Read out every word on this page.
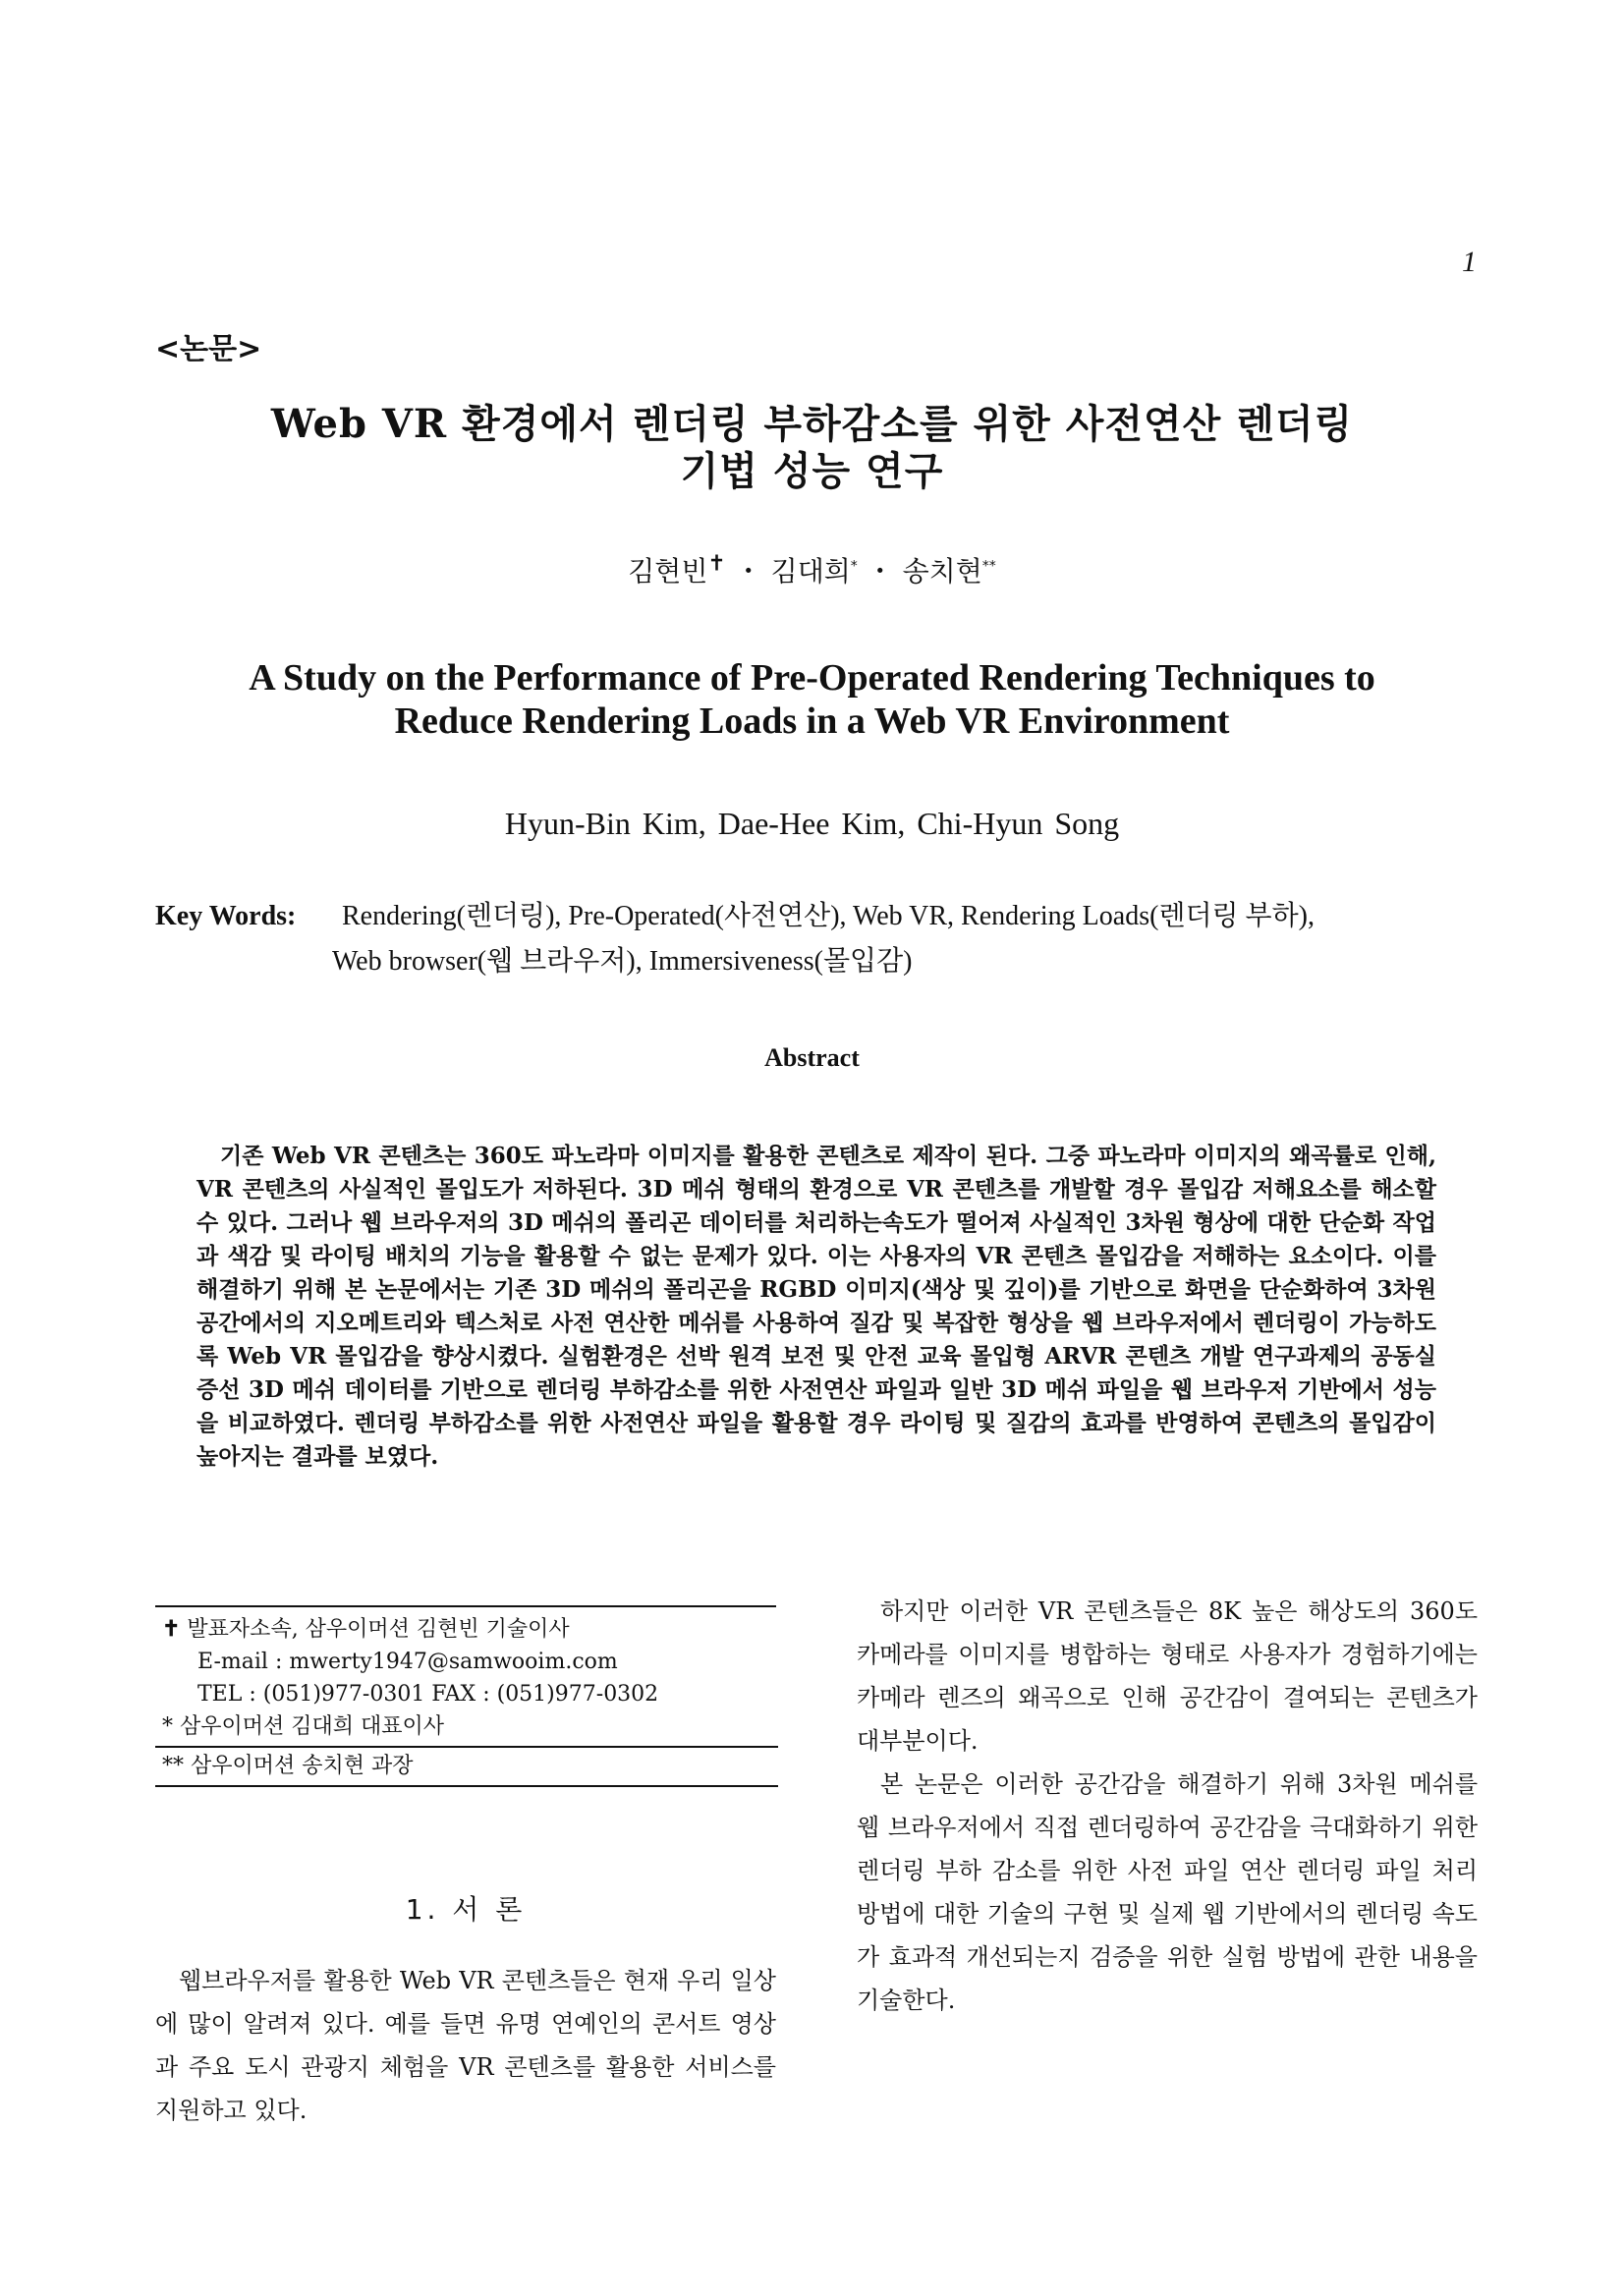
1
<논문>
Web VR 환경에서 렌더링 부하감소를 위한 사전연산 렌더링
기법 성능 연구
김현빈✝ ・ 김대희* ・ 송치현**
A Study on the Performance of Pre-Operated Rendering Techniques to
Reduce Rendering Loads in a Web VR Environment
Hyun-Bin Kim, Dae-Hee Kim, Chi-Hyun Song
Key Words: Rendering(렌더링), Pre-Operated(사전연산), Web VR, Rendering Loads(렌더링 부하),
Web browser(웹 브라우저), Immersiveness(몰입감)
Abstract
기존 Web VR 콘텐츠는 360도 파노라마 이미지를 활용한 콘텐츠로 제작이 된다. 그중 파노라마 이미지의 왜곡률로 인해, VR 콘텐츠의 사실적인 몰입도가 저하된다. 3D 메쉬 형태의 환경으로 VR 콘텐츠를 개발할 경우 몰입감 저해요소를 해소할 수 있다. 그러나 웹 브라우저의 3D 메쉬의 폴리곤 데이터를 처리하는속도가 떨어져 사실적인 3차원 형상에 대한 단순화 작업과 색감 및 라이팅 배치의 기능을 활용할 수 없는 문제가 있다. 이는 사용자의 VR 콘텐츠 몰입감을 저해하는 요소이다. 이를 해결하기 위해 본 논문에서는 기존 3D 메쉬의 폴리곤을 RGBD 이미지(색상 및 깊이)를 기반으로 화면을 단순화하여 3차원 공간에서의 지오메트리와 텍스처로 사전 연산한 메쉬를 사용하여 질감 및 복잡한 형상을 웹 브라우저에서 렌더링이 가능하도록 Web VR 몰입감을 향상시켰다. 실험환경은 선박 원격 보전 및 안전 교육 몰입형 ARVR 콘텐츠 개발 연구과제의 공동실증선 3D 메쉬 데이터를 기반으로 렌더링 부하감소를 위한 사전연산 파일과 일반 3D 메쉬 파일을 웹 브라우저 기반에서 성능을 비교하였다. 렌더링 부하감소를 위한 사전연산 파일을 활용할 경우 라이팅 및 질감의 효과를 반영하여 콘텐츠의 몰입감이 높아지는 결과를 보였다.
✝ 발표자소속, 삼우이머션 김현빈 기술이사
E-mail : mwerty1947@samwooim.com
TEL : (051)977-0301 FAX : (051)977-0302
* 삼우이머션 김대희 대표이사
** 삼우이머션 송치현 과장
1. 서 론
웹브라우저를 활용한 Web VR 콘텐츠들은 현재 우리 일상에 많이 알려져 있다. 예를 들면 유명 연예인의 콘서트 영상과 주요 도시 관광지 체험을 VR 콘텐츠를 활용한 서비스를 지원하고 있다.

하지만 이러한 VR 콘텐츠들은 8K 높은 해상도의 360도 카메라를 이미지를 병합하는 형태로 사용자가 경험하기에는 카메라 렌즈의 왜곡으로 인해 공간감이 결여되는 콘텐츠가 대부분이다.

본 논문은 이러한 공간감을 해결하기 위해 3차원 메쉬를 웹 브라우저에서 직접 렌더링하여 공간감을 극대화하기 위한 렌더링 부하 감소를 위한 사전 파일 연산 렌더링 파일 처리 방법에 대한 기술의 구현 및 실제 웹 기반에서의 렌더링 속도가 효과적 개선되는지 검증을 위한 실험 방법에 관한 내용을 기술한다.
